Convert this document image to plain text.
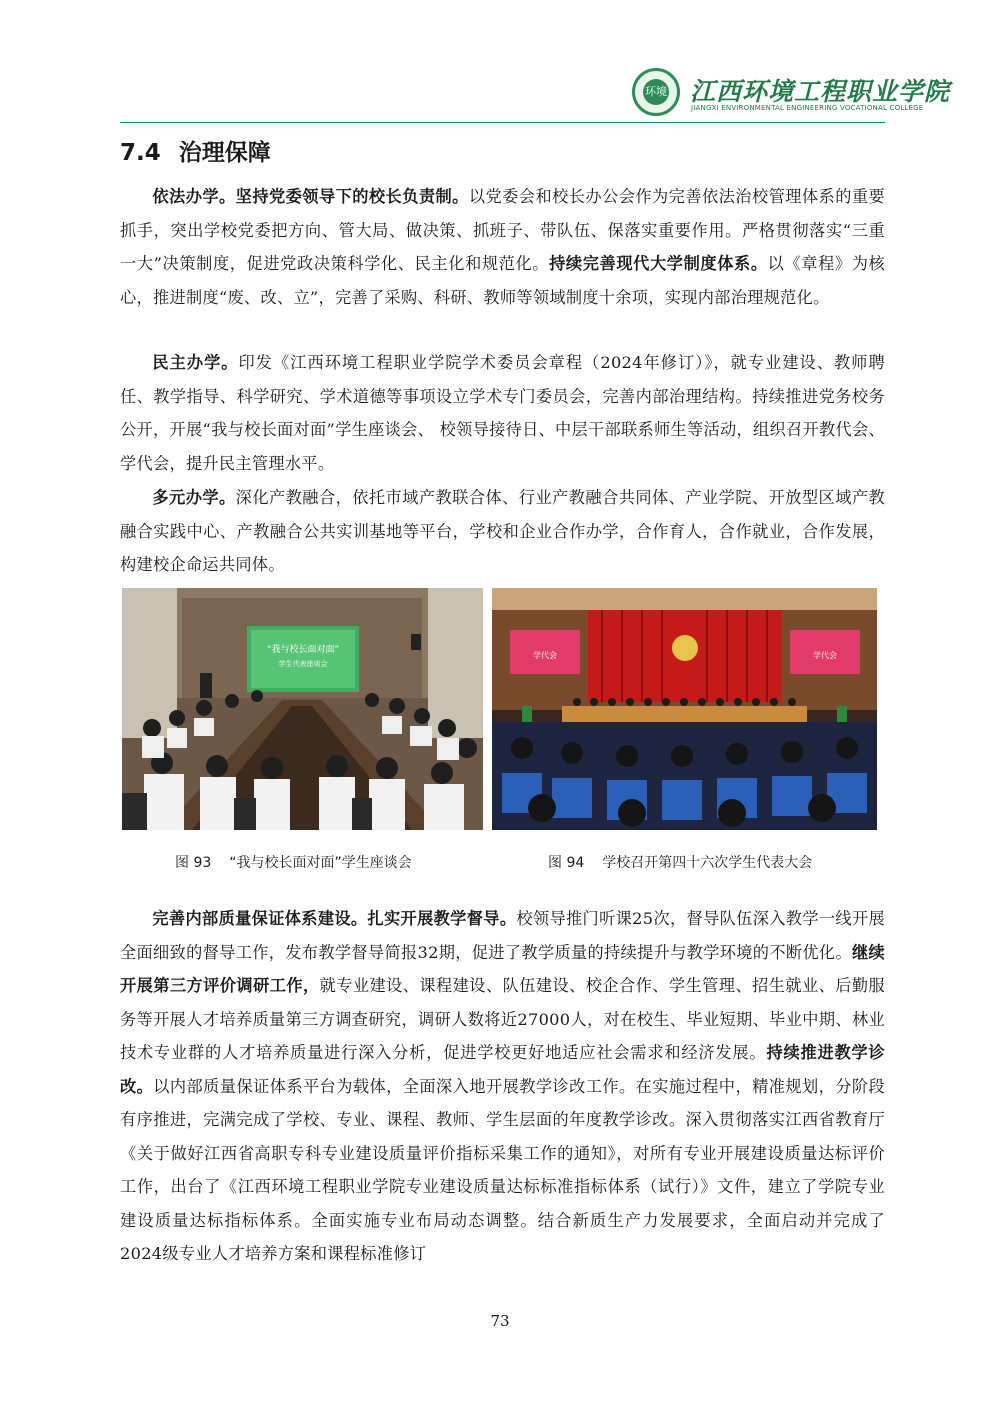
环境 江西环境工程职业学院
JIANGXI ENVIRONMENTAL ENGINEERING VOCATIONAL COLLEGE
7.4 治理保障

依法办学。坚持党委领导下的校长负责制。以党委会和校长办公会作为完善依法治校管理体系的重要抓手，突出学校党委把方向、管大局、做决策、抓班子、带队伍、保落实重要作用。严格贯彻落实“三重一大”决策制度，促进党政决策科学化、民主化和规范化。持续完善现代大学制度体系。以《章程》为核心，推进制度“废、改、立”，完善了采购、科研、教师等领域制度十余项，实现内部治理规范化。

民主办学。印发《江西环境工程职业学院学术委员会章程（2024年修订）》，就专业建设、教师聘任、教学指导、科学研究、学术道德等事项设立学术专门委员会，完善内部治理结构。持续推进党务校务公开，开展“我与校长面对面”学生座谈会、 校领导接待日、中层干部联系师生等活动，组织召开教代会、学代会，提升民主管理水平。

多元办学。深化产教融合，依托市域产教联合体、行业产教融合共同体、产业学院、开放型区域产教融合实践中心、产教融合公共实训基地等平台，学校和企业合作办学，合作育人，合作就业，合作发展，构建校企命运共同体。

“我与校长面对面”
学生代表座谈会
学代会	学代会
图 93 “我与校长面对面”学生座谈会	图 94 学校召开第四十六次学生代表大会

完善内部质量保证体系建设。扎实开展教学督导。校领导推门听课25次，督导队伍深入教学一线开展全面细致的督导工作，发布教学督导简报32期，促进了教学质量的持续提升与教学环境的不断优化。继续开展第三方评价调研工作，就专业建设、课程建设、队伍建设、校企合作、学生管理、招生就业、后勤服务等开展人才培养质量第三方调查研究，调研人数将近27000人，对在校生、毕业短期、毕业中期、林业技术专业群的人才培养质量进行深入分析，促进学校更好地适应社会需求和经济发展。持续推进教学诊改。以内部质量保证体系平台为载体，全面深入地开展教学诊改工作。在实施过程中，精准规划，分阶段有序推进，完满完成了学校、专业、课程、教师、学生层面的年度教学诊改。深入贯彻落实江西省教育厅《关于做好江西省高职专科专业建设质量评价指标采集工作的通知》，对所有专业开展建设质量达标评价工作，出台了《江西环境工程职业学院专业建设质量达标标准指标体系（试行）》文件，建立了学院专业建设质量达标指标体系。全面实施专业布局动态调整。结合新质生产力发展要求，全面启动并完成了2024级专业人才培养方案和课程标准修订

73
